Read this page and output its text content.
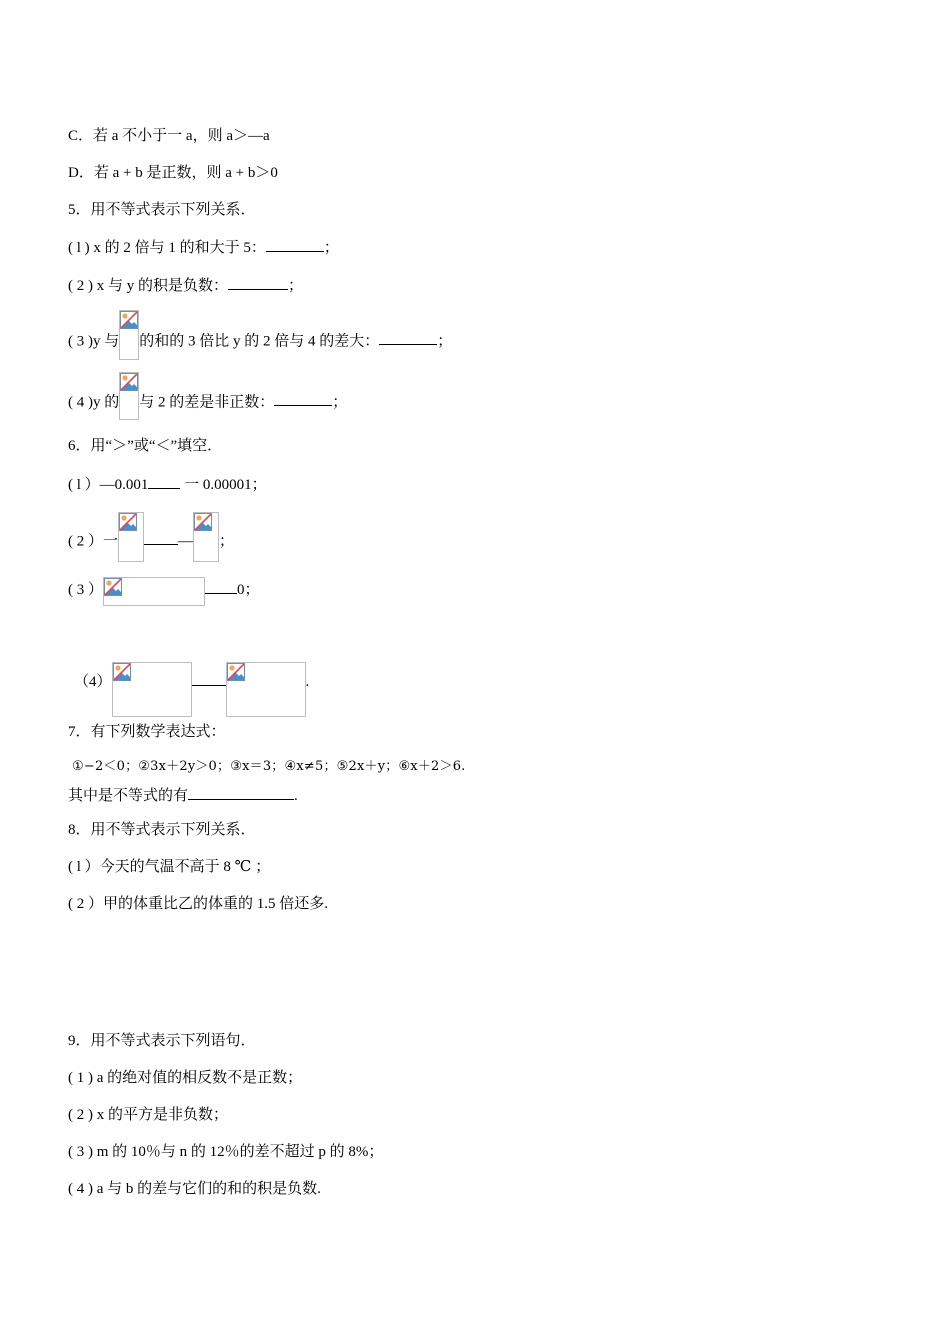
C．若 a 不小于一 a，则 a＞—a
D．若 a + b 是正数，则 a + b＞0
5．用不等式表示下列关系．
( l ) x 的 2 倍与 1 的和大于 5：	；
( 2 ) x 与 y 的积是负数：	；
( 3 )y 与 的和的 3 倍比 y 的 2 倍与 4 的差大：	；
( 4 )y 的 与 2 的差是非正数：	；
6．用“＞”或“＜”填空．
( l ）—0.001 一 0.00001；
( 2 ）一	— ；
( 3 ）	0；
（4）	.
7．有下列数学表达式：
①−2＜0；②3x＋2y＞0；③x＝3；④x≠5；⑤2x＋y；⑥x＋2＞6.
其中是不等式的有	.
8．用不等式表示下列关系．
( l ）今天的气温不高于 8 ℃ ；
( 2 ）甲的体重比乙的体重的 1.5 倍还多.
9．用不等式表示下列语句．
( 1 ) a 的绝对值的相反数不是正数；
( 2 ) x 的平方是非负数；
( 3 ) m 的 10％与 n 的 12％的差不超过 p 的 8%；
( 4 ) a 与 b 的差与它们的和的积是负数.
